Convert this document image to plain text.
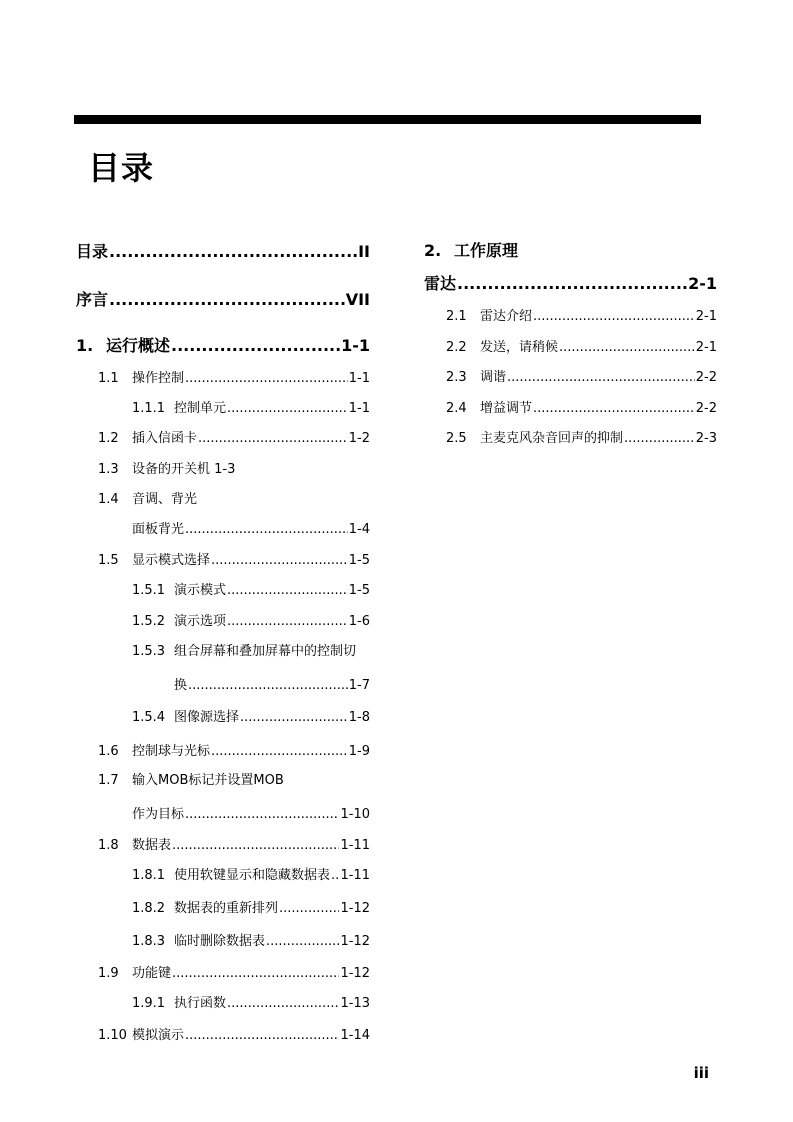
目录
目录 .....	II
序言 .....	VII
1. 运行概述 .....	1-1
1.1	操作控制 .....	1-1
1.1.1 控制单元 .....	1-1
1.2	插入信函卡 .....	1-2
1.3	设备的开关机 1-3
1.4	音调、背光
面板背光 .....	1-4
1.5	显示模式选择 .....	1-5
1.5.1 演示模式 .....	1-5
1.5.2 演示选项 .....	1-6
1.5.3 组合屏幕和叠加屏幕中的控制切
换 .....	1-7
1.5.4 图像源选择 .....	1-8
1.6	控制球与光标 .....	1-9
1.7	输入MOB标记并设置MOB
作为目标 .....	1-10
1.8	数据表 .....	1-11
1.8.1 使用软键显示和隐藏数据表 ..... 1-11
1.8.2 数据表的重新排列 .....	1-12
1.8.3 临时删除数据表 .....	1-12
1.9	功能键 .....	1-12
1.9.1 执行函数 .....	1-13
1.10 模拟演示 .....	1-14
2. 工作原理
雷达 .....	2-1
2.1	雷达介绍 .....	2-1
2.2	发送，请稍候 .....	2-1
2.3	调谐 .....	2-2
2.4	增益调节 .....	2-2
2.5	主麦克风杂音回声的抑制 .....	2-3
iii
